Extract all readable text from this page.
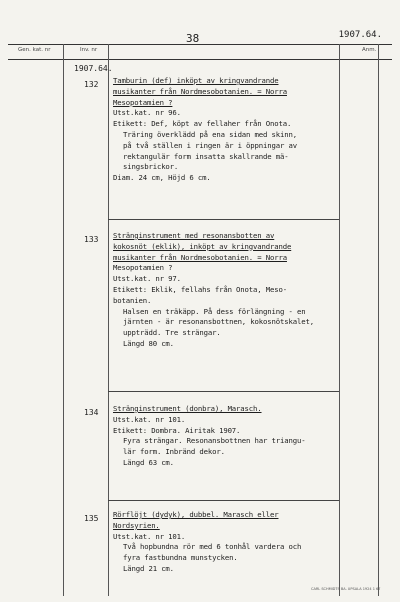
38	1907.64.
Gen. kat. nr	Inv. nr	Anm.
1907.64.
132 Tamburin (def) inköpt av kringvandrande
musikanter från Nordmesobotanien. = Norra
Mesopotamien ?
Utst.kat. nr 96.
Etikett: Def, köpt av fellaher från Onota.
Träring överklädd på ena sidan med skinn,
på två ställen i ringen är i öppningar av
rektangulär form insatta skallrande mä-
singsbrickor.
Diam. 24 cm, Höjd 6 cm.
133 Stränginstrument med resonansbotten av
kokosnöt (eklik), inköpt av kringvandrande
musikanter från Nordmesobotanien. = Norra
Mesopotamien ?
Utst.kat. nr 97.
Etikett: Eklik, fellahs från Onota, Meso-
botanien.
Halsen en träkäpp. På dess förlängning - en
järnten - är resonansbottnen, kokosnötskalet,
uppträdd. Tre strängar.
Längd 80 cm.
134 Stränginstrument (donbra), Marasch.
Utst.kat. nr 101.
Etikett: Dombra. Airitak 1907.
Fyra strängar. Resonansbottnen har triangu-
lär form. Inbränd dekor.
Längd 63 cm.
135 Rörflöjt (dydyk), dubbel. Marasch eller
Nordsyrien.
Utst.kat. nr 101.
Två hopbundna rör med 6 tonhål vardera och
fyra fastbundna munstycken.
Längd 21 cm.
CARL SCHMIDTS BA. UPSALA 1924 1 67
